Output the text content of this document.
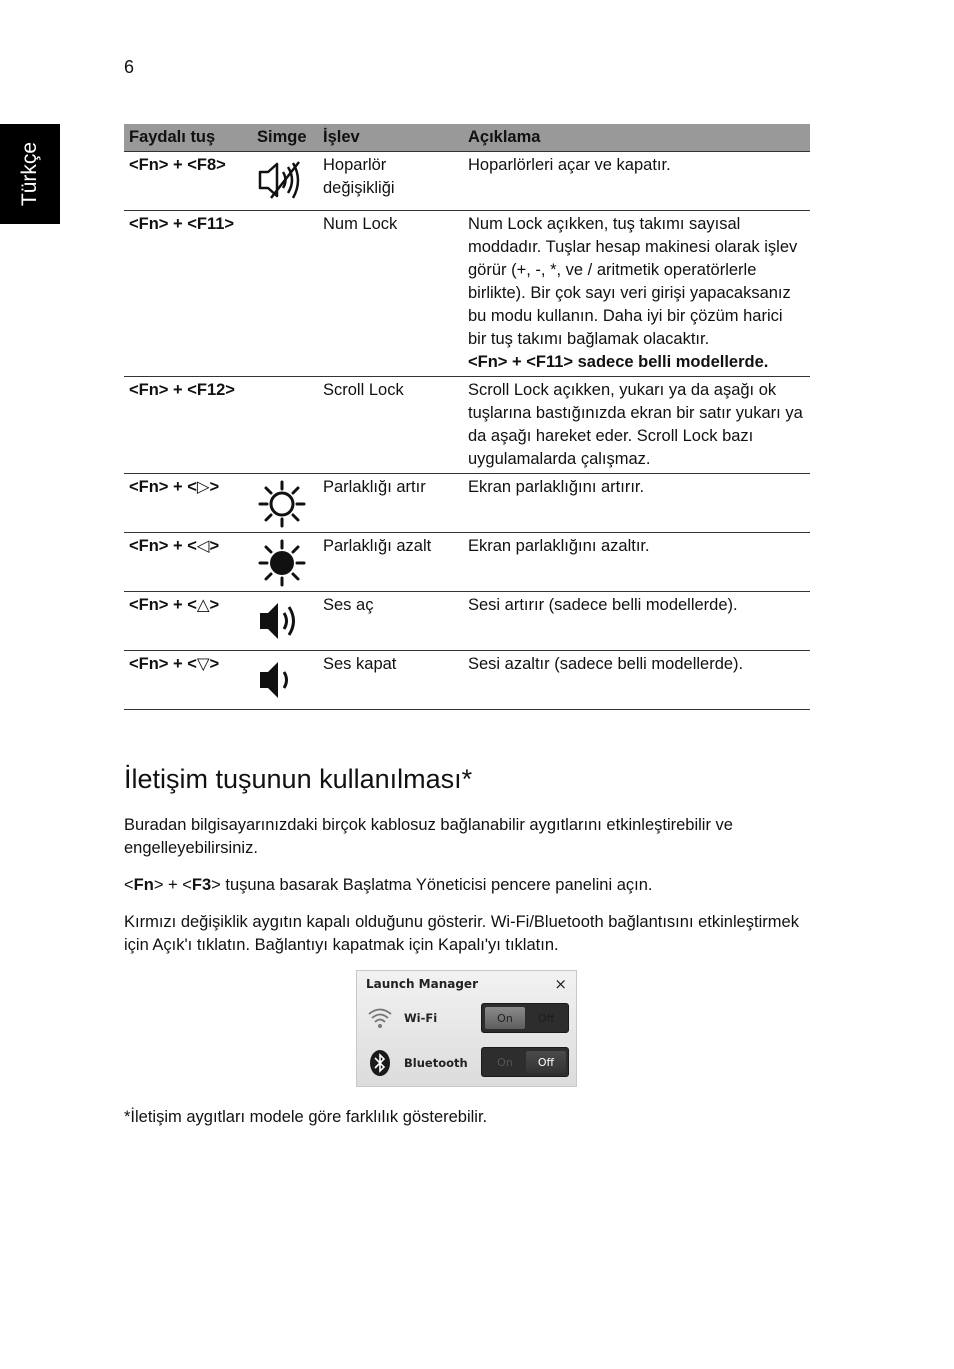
6
Türkçe
Faydalı tuş	Simge	İşlev	Açıklama
<Fn> + <F8>		Hoparlör değişikliği	Hoparlörleri açar ve kapatır.
<Fn> + <F11>		Num Lock	Num Lock açıkken, tuş takımı sayısal moddadır. Tuşlar hesap makinesi olarak işlev görür (+, -, *, ve / aritmetik operatörlerle birlikte). Bir çok sayı veri girişi yapacaksanız bu modu kullanın. Daha iyi bir çözüm harici bir tuş takımı bağlamak olacaktır.
<Fn> + <F11> sadece belli modellerde.

<Fn> + <F12>		Scroll Lock	Scroll Lock açıkken, yukarı ya da aşağı ok tuşlarına bastığınızda ekran bir satır yukarı ya da aşağı hareket eder. Scroll Lock bazı uygulamalarda çalışmaz.
<Fn> + <▷>		Parlaklığı artır	Ekran parlaklığını artırır.
<Fn> + <◁>		Parlaklığı azalt	Ekran parlaklığını azaltır.
<Fn> + <△>		Ses aç	Sesi artırır (sadece belli modellerde).
<Fn> + <▽>		Ses kapat	Sesi azaltır (sadece belli modellerde).
İletişim tuşunun kullanılması*

Buradan bilgisayarınızdaki birçok kablosuz bağlanabilir aygıtlarını etkinleştirebilir ve engelleyebilirsiniz.

<Fn> + <F3> tuşuna basarak Başlatma Yöneticisi pencere panelini açın.

Kırmızı değişiklik aygıtın kapalı olduğunu gösterir. Wi-Fi/Bluetooth bağlantısını etkinleştirmek için Açık'ı tıklatın. Bağlantıyı kapatmak için Kapalı'yı tıklatın.

Launch Manager	×
Wi-Fi	On	Off
Bluetooth	On	Off

*İletişim aygıtları modele göre farklılık gösterebilir.
